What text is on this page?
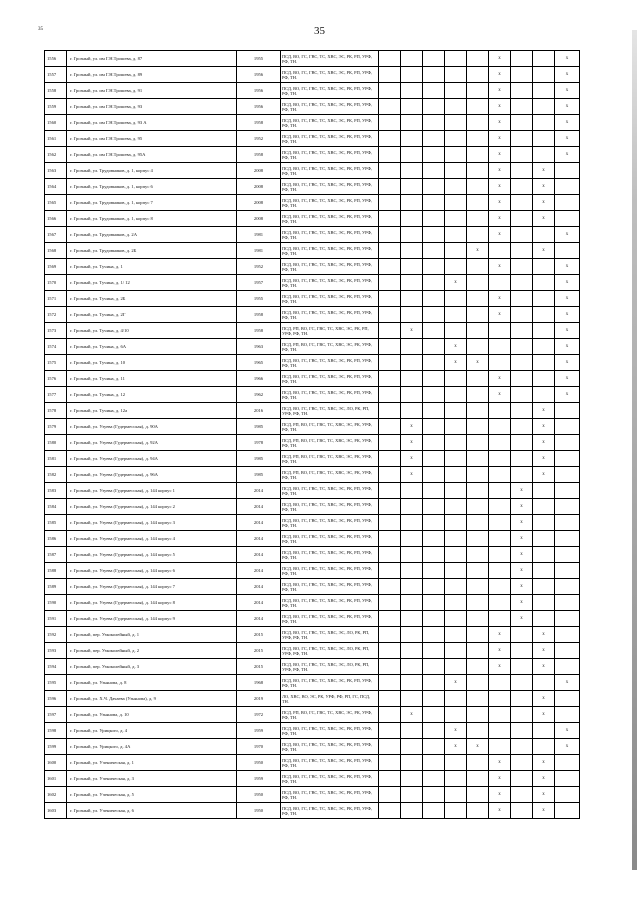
35	35
1556	г. Грозный, ул. им Г.Н.Трошева, д. 87	1955	ПСД, ВО, ГС, ГВС, ТС, ХВС, ЭС, РК, РП, УРФ, РФ, ТН.						x			x
1557	г. Грозный, ул. им Г.Н.Трошева, д. 89	1956	ПСД, ВО, ГС, ГВС, ТС, ХВС, ЭС, РК, РП, УРФ, РФ, ТН.						x			x
1558	г. Грозный, ул. им Г.Н.Трошева, д. 91	1956	ПСД, ВО, ГС, ГВС, ТС, ХВС, ЭС, РК, РП, УРФ, РФ, ТН.						x			x
1559	г. Грозный, ул. им Г.Н.Трошева, д. 93	1956	ПСД, ВО, ГС, ГВС, ТС, ХВС, ЭС, РК, РП, УРФ, РФ, ТН.						x			x
1560	г. Грозный, ул. им Г.Н.Трошева, д. 93 А	1958	ПСД, ВО, ГС, ГВС, ТС, ХВС, ЭС, РК, РП, УРФ, РФ, ТН.						x			x
1561	г. Грозный, ул. им Г.Н.Трошева, д. 95	1952	ПСД, ВО, ГС, ГВС, ТС, ХВС, ЭС, РК, РП, УРФ, РФ, ТН.						x			x
1562	г. Грозный, ул. им Г.Н.Трошева, д. 95А	1958	ПСД, ВО, ГС, ГВС, ТС, ХВС, ЭС, РК, РП, УРФ, РФ, ТН.						x			x
1563	г. Грозный, ул. Трудовников, д. 1, корпус 4	2008	ПСД, ВО, ГС, ГВС, ТС, ХВС, ЭС, РК, РП, УРФ, РФ, ТН.						x		x	
1564	г. Грозный, ул. Трудовников, д. 1, корпус 6	2008	ПСД, ВО, ГС, ГВС, ТС, ХВС, ЭС, РК, РП, УРФ, РФ, ТН.						x		x	
1565	г. Грозный, ул. Трудовников, д. 1, корпус 7	2008	ПСД, ВО, ГС, ГВС, ТС, ХВС, ЭС, РК, РП, УРФ, РФ, ТН.						x		x	
1566	г. Грозный, ул. Трудовников, д. 1, корпус 8	2008	ПСД, ВО, ГС, ГВС, ТС, ХВС, ЭС, РК, РП, УРФ, РФ, ТН.						x		x	
1567	г. Грозный, ул. Трудовников, д. 2А	1981	ПСД, ВО, ГС, ГВС, ТС, ХВС, ЭС, РК, РП, УРФ, РФ, ТН.						x			x
1568	г. Грозный, ул. Трудовников, д. 2Б	1981	ПСД, ВО, ГС, ГВС, ТС, ХВС, ЭС, РК, РП, УРФ, РФ, ТН.					x			x	
1569	г. Грозный, ул. Тучина, д. 1	1952	ПСД, ВО, ГС, ГВС, ТС, ХВС, ЭС, РК, РП, УРФ, РФ, ТН.						x			x
1570	г. Грозный, ул. Тучина, д. 1/ 12	1957	ПСД, ВО, ГС, ГВС, ТС, ХВС, ЭС, РК, РП, УРФ, РФ, ТН.				x					x
1571	г. Грозный, ул. Тучина, д. 2Б	1955	ПСД, ВО, ГС, ГВС, ТС, ХВС, ЭС, РК, РП, УРФ, РФ, ТН.						x			x
1572	г. Грозный, ул. Тучина, д. 2Г	1958	ПСД, ВО, ГС, ГВС, ТС, ХВС, ЭС, РК, РП, УРФ, РФ, ТН.						x			x
1573	г. Грозный, ул. Тучина, д. 4/10	1958	ПСД, РП, ВО, ГС, ГВС, ТС, ХВС, ЭС, РК, РП, УРФ, РФ, ТН.		x							x
1574	г. Грозный, ул. Тучина, д. 6А	1963	ПСД, РП, ВО, ГС, ГВС, ТС, ХВС, ЭС, РК, УРФ, РФ, ТН.				x					x
1575	г. Грозный, ул. Тучина, д. 10	1965	ПСД, ВО, ГС, ГВС, ТС, ХВС, ЭС, РК, РП, УРФ, РФ, ТН.				x	x				x
1576	г. Грозный, ул. Тучина, д. 11	1966	ПСД, ВО, ГС, ГВС, ТС, ХВС, ЭС, РК, РП, УРФ, РФ, ТН.						x			x
1577	г. Грозный, ул. Тучина, д. 12	1962	ПСД, ВО, ГС, ГВС, ТС, ХВС, ЭС, РК, РП, УРФ, РФ, ТН.						x			x
1578	г. Грозный, ул. Тучина, д. 12а	2016	ПСД, ВО, ГС, ГВС, ТС, ХВС, ЭС, ЛО, РК, РП, УРФ, РФ, ТН.								x	
1579	г. Грозный, ул. Узуева (Гудермесская), д. 90А	1985	ПСД, РП, ВО, ГС, ГВС, ТС, ХВС, ЭС, РК, УРФ, РФ, ТН.		x						x	
1580	г. Грозный, ул. Узуева (Гудермесская), д. 92А	1978	ПСД, РП, ВО, ГС, ГВС, ТС, ХВС, ЭС, РК, УРФ, РФ, ТН.		x						x	
1581	г. Грозный, ул. Узуева (Гудермесская), д. 94А	1985	ПСД, РП, ВО, ГС, ГВС, ТС, ХВС, ЭС, РК, УРФ, РФ, ТН.		x						x	
1582	г. Грозный, ул. Узуева (Гудермесская), д. 96А	1985	ПСД, РП, ВО, ГС, ГВС, ТС, ХВС, ЭС, РК, УРФ, РФ, ТН.		x						x	
1583	г. Грозный, ул. Узуева (Гудермесская), д. 144 корпус 1	2014	ПСД, ВО, ГС, ГВС, ТС, ХВС, ЭС, РК, РП, УРФ, РФ, ТН.							x		
1584	г. Грозный, ул. Узуева (Гудермесская), д. 144 корпус 2	2014	ПСД, ВО, ГС, ГВС, ТС, ХВС, ЭС, РК, РП, УРФ, РФ, ТН.							x		
1585	г. Грозный, ул. Узуева (Гудермесская), д. 144 корпус 3	2014	ПСД, ВО, ГС, ГВС, ТС, ХВС, ЭС, РК, РП, УРФ, РФ, ТН.							x		
1586	г. Грозный, ул. Узуева (Гудермесская), д. 144 корпус 4	2014	ПСД, ВО, ГС, ГВС, ТС, ХВС, ЭС, РК, РП, УРФ, РФ, ТН.							x		
1587	г. Грозный, ул. Узуева (Гудермесская), д. 144 корпус 5	2014	ПСД, ВО, ГС, ГВС, ТС, ХВС, ЭС, РК, РП, УРФ, РФ, ТН.							x		
1588	г. Грозный, ул. Узуева (Гудермесская), д. 144 корпус 6	2014	ПСД, ВО, ГС, ГВС, ТС, ХВС, ЭС, РК, РП, УРФ, РФ, ТН.							x		
1589	г. Грозный, ул. Узуева (Гудермесская), д. 144 корпус 7	2014	ПСД, ВО, ГС, ГВС, ТС, ХВС, ЭС, РК, РП, УРФ, РФ, ТН.							x		
1590	г. Грозный, ул. Узуева (Гудермесская), д. 144 корпус 8	2014	ПСД, ВО, ГС, ГВС, ТС, ХВС, ЭС, РК, РП, УРФ, РФ, ТН.							x		
1591	г. Грозный, ул. Узуева (Гудермесская), д. 144 корпус 9	2014	ПСД, ВО, ГС, ГВС, ТС, ХВС, ЭС, РК, РП, УРФ, РФ, ТН.							x		
1592	г. Грозный, пер. Узкоколейный, д. 1	2015	ПСД, ВО, ГС, ГВС, ТС, ХВС, ЭС, ЛО, РК, РП, УРФ, РФ, ТН.						x		x	
1593	г. Грозный, пер. Узкоколейный, д. 2	2015	ПСД, ВО, ГС, ГВС, ТС, ХВС, ЭС, ЛО, РК, РП, УРФ, РФ, ТН.						x		x	
1594	г. Грозный, пер. Узкоколейный, д. 3	2015	ПСД, ВО, ГС, ГВС, ТС, ХВС, ЭС, ЛО, РК, РП, УРФ, РФ, ТН.						x		x	
1595	г. Грозный, ул. Узьянова, д. 8	1968	ПСД, ВО, ГС, ГВС, ТС, ХВС, ЭС, РК, РП, УРФ, РФ, ТН.				x					x
1596	г. Грозный, ул. Х.Ч. Дачаева (Узьянова), д. 9	2019	ЛО, ХВС, ВО, ЭС, РК, УРФ, РФ, РП, ГС, ПСД, ТН.								x	
1597	г. Грозный, ул. Узьянова, д. 10	1972	ПСД, РП, ВО, ГС, ГВС, ТС, ХВС, ЭС, РК, УРФ, РФ, ТН.		x						x	
1598	г. Грозный, ул. Урицкого, д. 4	1959	ПСД, ВО, ГС, ГВС, ТС, ХВС, ЭС, РК, РП, УРФ, РФ, ТН.				x					x
1599	г. Грозный, ул. Урицкого, д. 4А	1970	ПСД, ВО, ГС, ГВС, ТС, ХВС, ЭС, РК, РП, УРФ, РФ, ТН.				x	x				x
1600	г. Грозный, ул. Ученическая, д. 1	1950	ПСД, ВО, ГС, ГВС, ТС, ХВС, ЭС, РК, РП, УРФ, РФ, ТН.						x		x	
1601	г. Грозный, ул. Ученическая, д. 3	1959	ПСД, ВО, ГС, ГВС, ТС, ХВС, ЭС, РК, РП, УРФ, РФ, ТН.						x		x	
1602	г. Грозный, ул. Ученическая, д. 5	1950	ПСД, ВО, ГС, ГВС, ТС, ХВС, ЭС, РК, РП, УРФ, РФ, ТН.						x		x	
1603	г. Грозный, ул. Ученическая, д. 6	1950	ПСД, ВО, ГС, ГВС, ТС, ХВС, ЭС, РК, РП, УРФ, РФ, ТН.						x		x	
